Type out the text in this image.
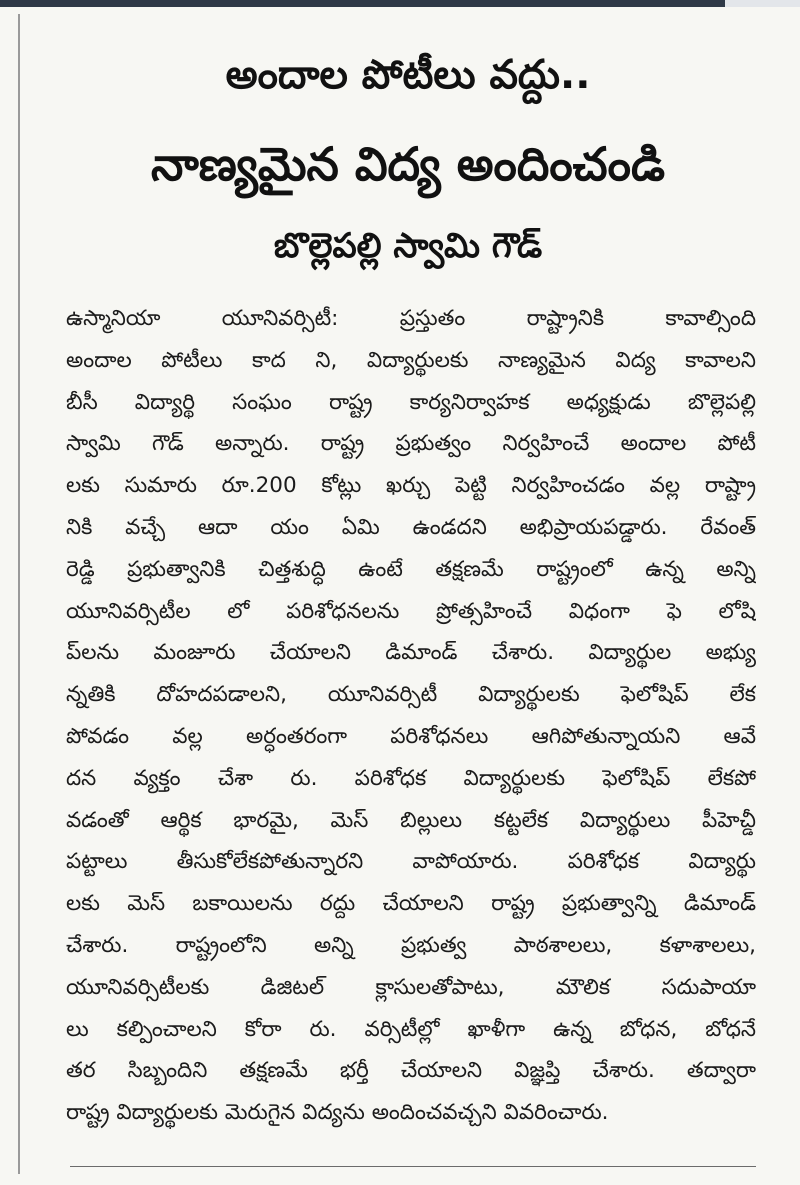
అందాల పోటీలు వద్దు..
నాణ్యమైన విద్య అందించండి
బొల్లెపల్లి స్వామి గౌడ్
ఉస్మానియా యూనివర్సిటీ: ప్రస్తుతం రాష్ట్రానికి కావాల్సింది
అందాల పోటీలు కాద ని, విద్యార్థులకు నాణ్యమైన విద్య కావాలని
బీసీ విద్యార్థి సంఘం రాష్ట్ర కార్యనిర్వాహక అధ్యక్షుడు బొల్లెపల్లి
స్వామి గౌడ్ అన్నారు. రాష్ట్ర ప్రభుత్వం నిర్వహించే అందాల పోటీ
లకు సుమారు రూ.200 కోట్లు ఖర్చు పెట్టి నిర్వహించడం వల్ల రాష్ట్రా
నికి వచ్చే ఆదా యం ఏమి ఉండదని అభిప్రాయపడ్డారు. రేవంత్
రెడ్డి ప్రభుత్వానికి చిత్తశుద్ధి ఉంటే తక్షణమే రాష్ట్రంలో ఉన్న అన్ని
యూనివర్సిటీల లో పరిశోధనలను ప్రోత్సహించే విధంగా ఫె లోషి
ప్‌లను మంజూరు చేయాలని డిమాండ్ చేశారు. విద్యార్థుల అభ్యు
న్నతికి దోహదపడాలని, యూనివర్సిటీ విద్యార్థులకు ఫెలోషిప్ లేక
పోవడం వల్ల అర్ధంతరంగా పరిశోధనలు ఆగిపోతున్నాయని ఆవే
దన వ్యక్తం చేశా రు. పరిశోధక విద్యార్థులకు ఫెలోషిప్ లేకపో
వడంతో ఆర్థిక భారమై, మెస్ బిల్లులు కట్టలేక విద్యార్థులు పీహెచ్డీ
పట్టాలు తీసుకోలేకపోతున్నారని వాపోయారు. పరిశోధక విద్యార్థు
లకు మెస్ బకాయిలను రద్దు చేయాలని రాష్ట్ర ప్రభుత్వాన్ని డిమాండ్
చేశారు. రాష్ట్రంలోని అన్ని ప్రభుత్వ పాఠశాలలు, కళాశాలలు,
యూనివర్సిటీలకు డిజిటల్ క్లాసులతోపాటు, మౌలిక సదుపాయా
లు కల్పించాలని కోరా రు. వర్సిటీల్లో ఖాళీగా ఉన్న బోధన, బోధనే
తర సిబ్బందిని తక్షణమే భర్తీ చేయాలని విజ్ఞప్తి చేశారు. తద్వారా
రాష్ట్ర విద్యార్థులకు మెరుగైన విద్యను అందించవచ్చని వివరించారు.
